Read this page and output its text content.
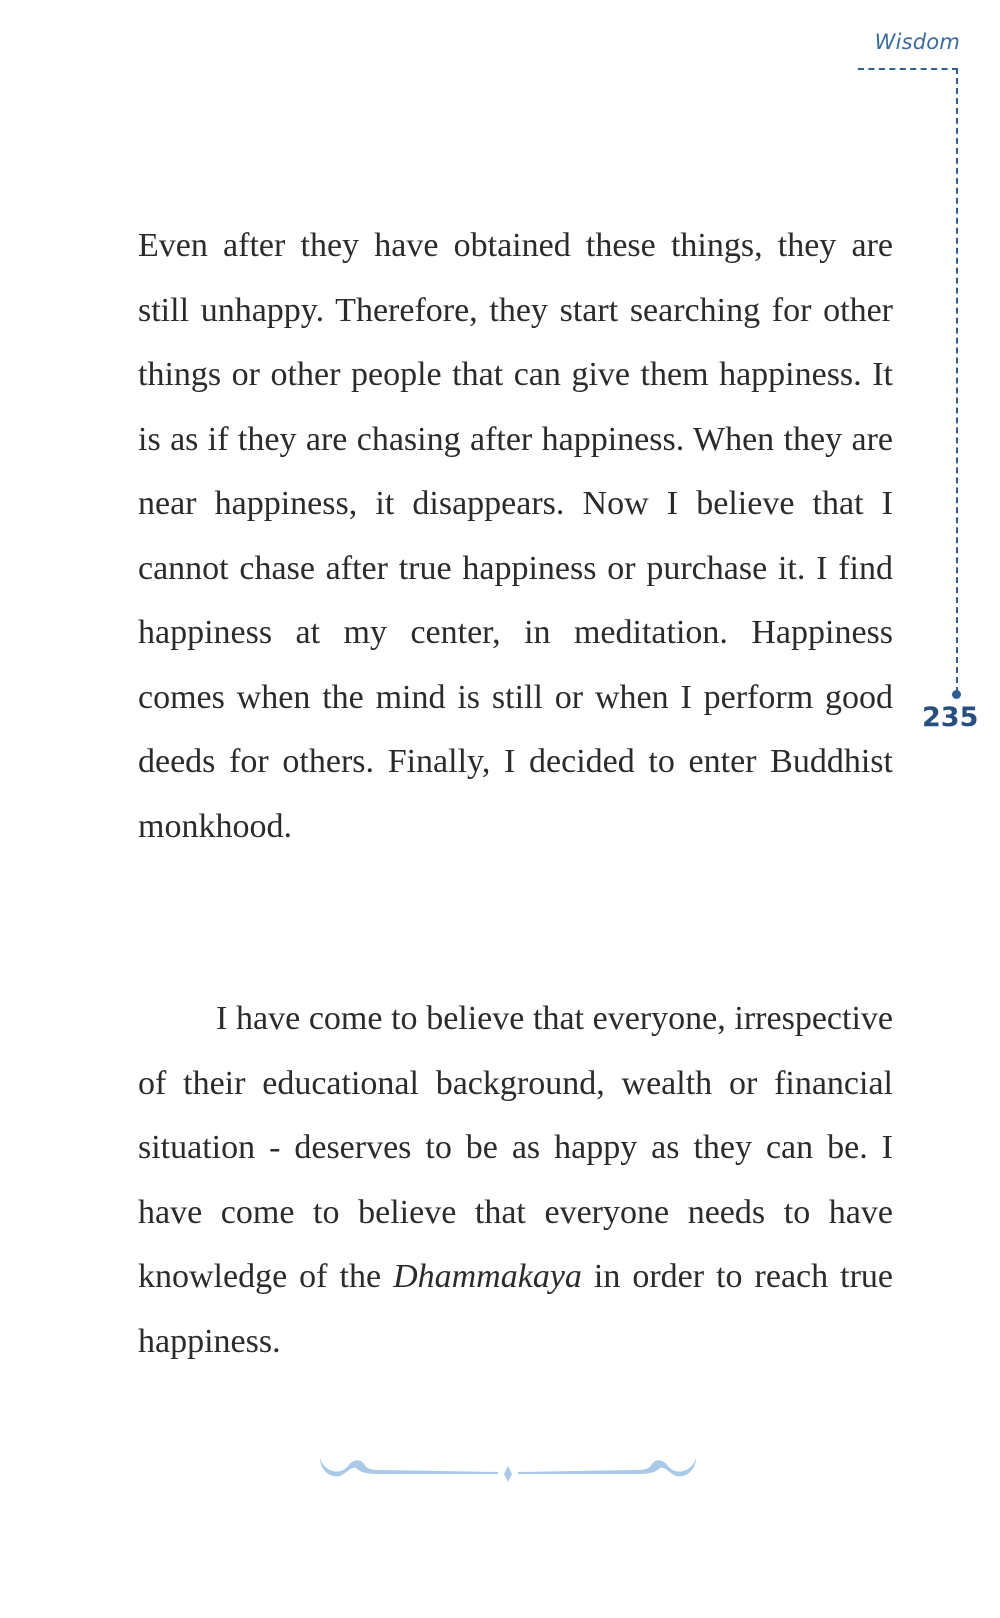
Wisdom
235

Even after they have obtained these things, they are still unhappy. Therefore, they start searching for other things or other people that can give them happiness. It is as if they are chasing after happiness. When they are near happiness, it disappears. Now I believe that I cannot chase after true happiness or purchase it. I find happiness at my center, in meditation. Happiness comes when the mind is still or when I perform good deeds for others. Finally, I decided to enter Buddhist monkhood.

I have come to believe that everyone, irrespective of their educational background, wealth or financial situation - deserves to be as happy as they can be. I have come to believe that everyone needs to have knowledge of the Dhammakaya in order to reach true happiness.
